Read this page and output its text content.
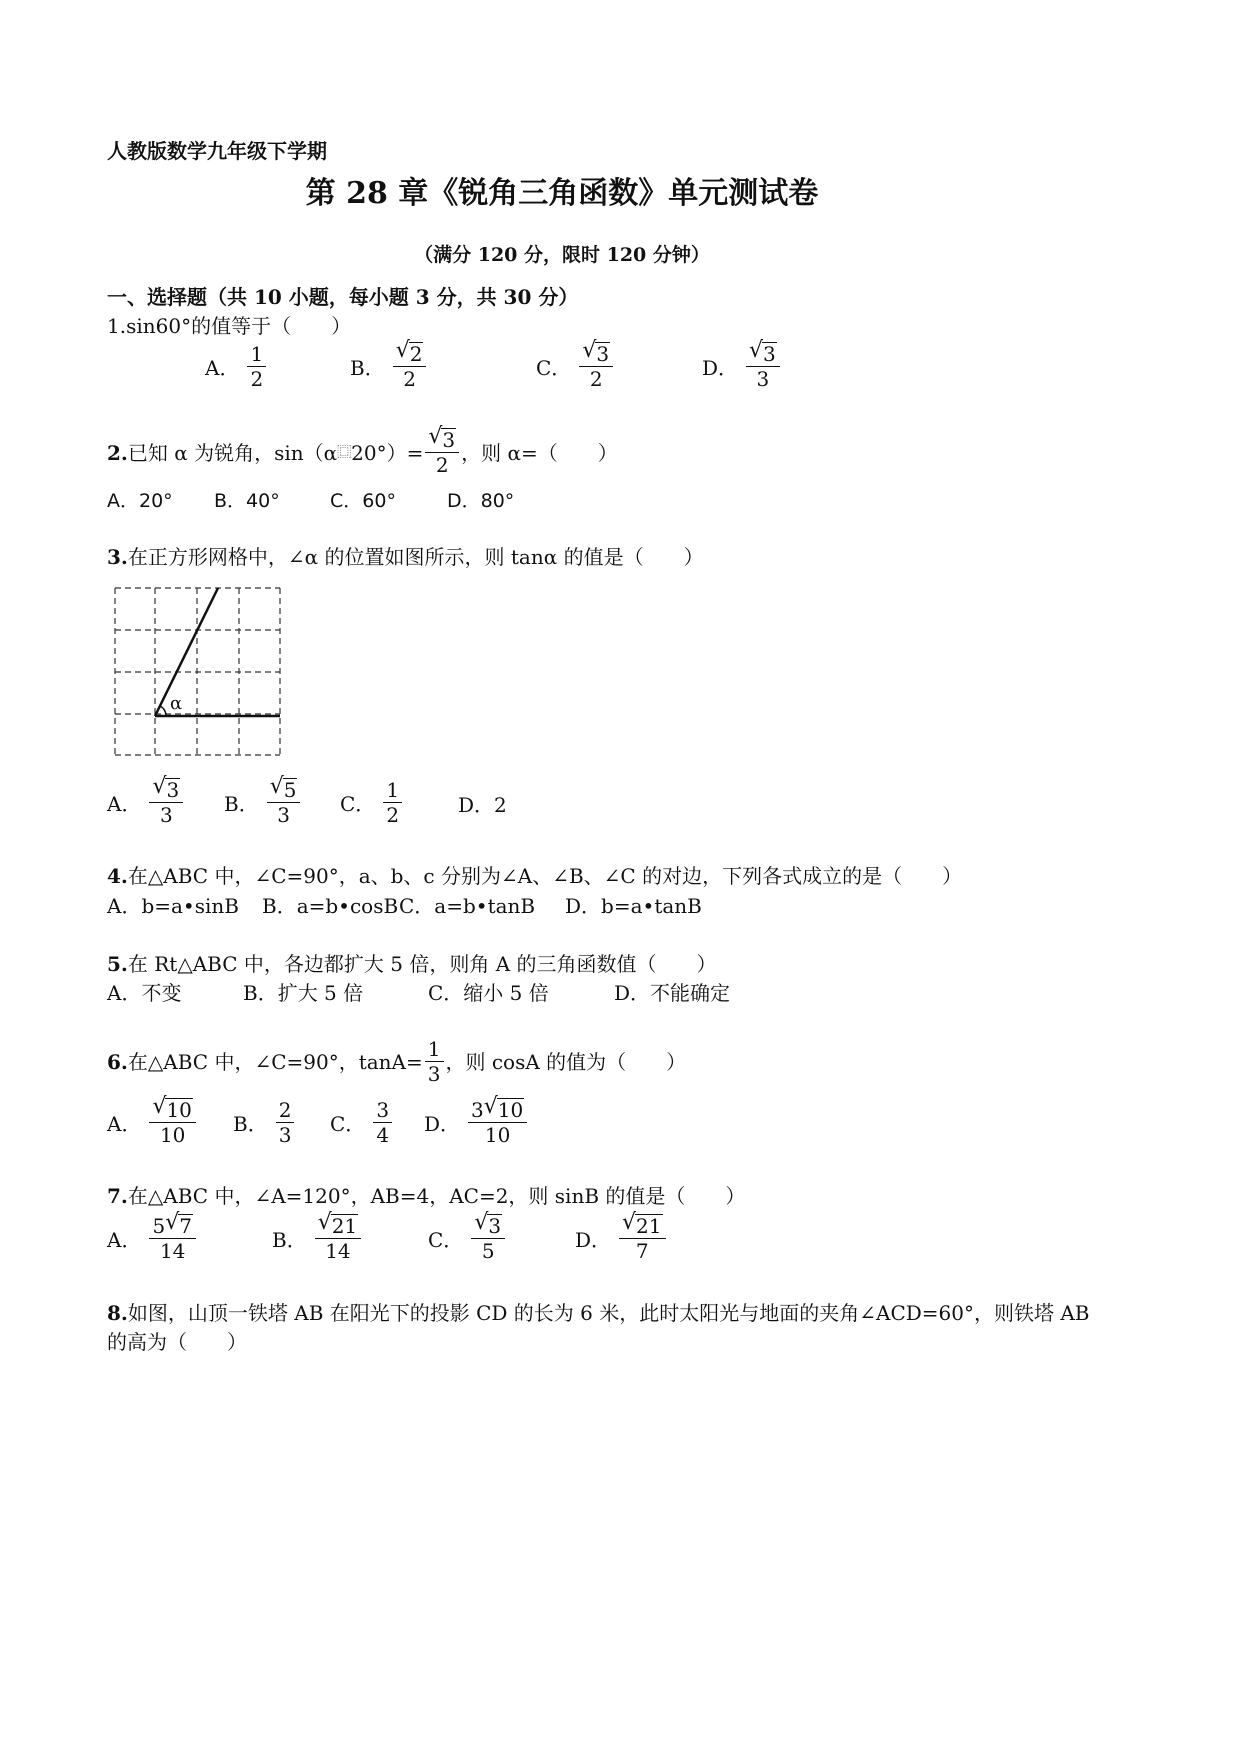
人教版数学九年级下学期
第 28 章《锐角三角函数》单元测试卷
（满分 120 分，限时 120 分钟）
一、选择题（共 10 小题，每小题 3 分，共 30 分）
1.sin60°的值等于（　　）
A． $\frac{1}{2}$	B． $\frac{√ 2}{2}$	C． $\frac{√ 3}{2}$	D． $\frac{√ 3}{3}$
2. 已知 α 为锐角，sin（α ⿴ $20^\circ)= \frac{√ 3}{2}$ ，则 α=（　　）
A．20° B．40°	C．60°	D．80°
3.在正方形网格中，∠α 的位置如图所示，则 tanα 的值是（　　）
α
A． $\frac{√ 3}{3}$ B． $\frac{√ 5}{3}$ C． $\frac{1}{2}$	D．2
4.在△ABC 中，∠C=90°，a、b、c 分别为∠A、∠B、∠C 的对边，下列各式成立的是（　　）
A．b=a•sinB B．a=b•cosB C．a=b•tanB D．b=a•tanB
5.在 Rt△ABC 中，各边都扩大 5 倍，则角 A 的三角函数值（　　）
A．不变	B．扩大 5 倍	C．缩小 5 倍	D．不能确定
6. 在△ABC 中，∠C=90°，$\tan A= \frac{1}{3}$ ，则 cosA 的值为（　　）
A． $\frac{√ 10}{10}$ B． $\frac{2}{3}$ C． $\frac{3}{4}$ D． $\frac{3 √ 10}{10}$
7.在△ABC 中，∠A=120°，AB=4，AC=2，则 sinB 的值是（　　）
A． $\frac{5 √ 7}{14}$	B． $\frac{√ 21}{14}$	C． $\frac{√ 3}{5}$	D． $\frac{√ 21}{7}$
8.如图，山顶一铁塔 AB 在阳光下的投影 CD 的长为 6 米，此时太阳光与地面的夹角∠ACD=60°，则铁塔 AB
的高为（　　）
